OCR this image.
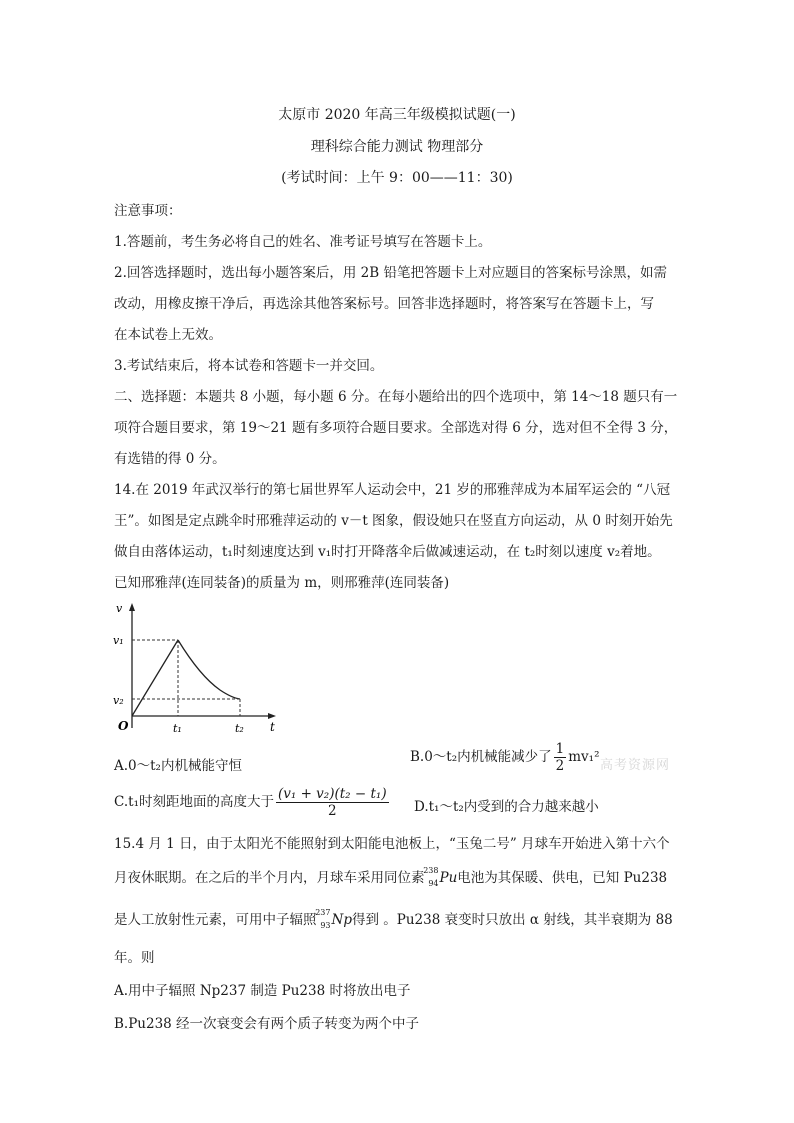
太原市 2020 年高三年级模拟试题(一)
理科综合能力测试 物理部分
(考试时间：上午 9：00——11：30)
注意事项：
1.答题前，考生务必将自己的姓名、准考证号填写在答题卡上。
2.回答选择题时，选出每小题答案后，用 2B 铅笔把答题卡上对应题目的答案标号涂黑，如需
改动，用橡皮擦干净后，再选涂其他答案标号。回答非选择题时，将答案写在答题卡上，写
在本试卷上无效。
3.考试结束后，将本试卷和答题卡一并交回。
二、选择题：本题共 8 小题，每小题 6 分。在每小题给出的四个选项中，第 14～18 题只有一
项符合题目要求，第 19～21 题有多项符合题目要求。全部选对得 6 分，选对但不全得 3 分，
有选错的得 0 分。
14.在 2019 年武汉举行的第七届世界军人运动会中，21 岁的邢雅萍成为本届军运会的 “八冠
王”。如图是定点跳伞时邢雅萍运动的 v－t 图象，假设她只在竖直方向运动，从 0 时刻开始先
做自由落体运动，t₁时刻速度达到 v₁时打开降落伞后做减速运动，在 t₂时刻以速度 v₂着地。
已知邢雅萍(连同装备)的质量为 m，则邢雅萍(连同装备)
v
v₁
v₂
O	t₁	t₂ t
A.0～t₂内机械能守恒
B.0～t₂内机械能减少了 $\frac{1}{2} mv_1^2$
高考资源网
C.t₁时刻距地面的高度大于 $\frac{\text{(v₁ + v₂)(t₂ − t₁)}}{2}$ D.t₁～t₂内受到的合力越来越小
15.4 月 1 日，由于太阳光不能照射到太阳能电池板上，“玉兔二号” 月球车开始进入第十六个
月夜休眠期。在之后的半个月内，月球车采用同位素
238
94 Pu电池为其保暖、供电，已知 Pu238
是人工放射性元素，可用中子辐照
237
93 Np得到 。Pu238 衰变时只放出 α 射线，其半衰期为 88
年。则
A.用中子辐照 Np237 制造 Pu238 时将放出电子
B.Pu238 经一次衰变会有两个质子转变为两个中子
